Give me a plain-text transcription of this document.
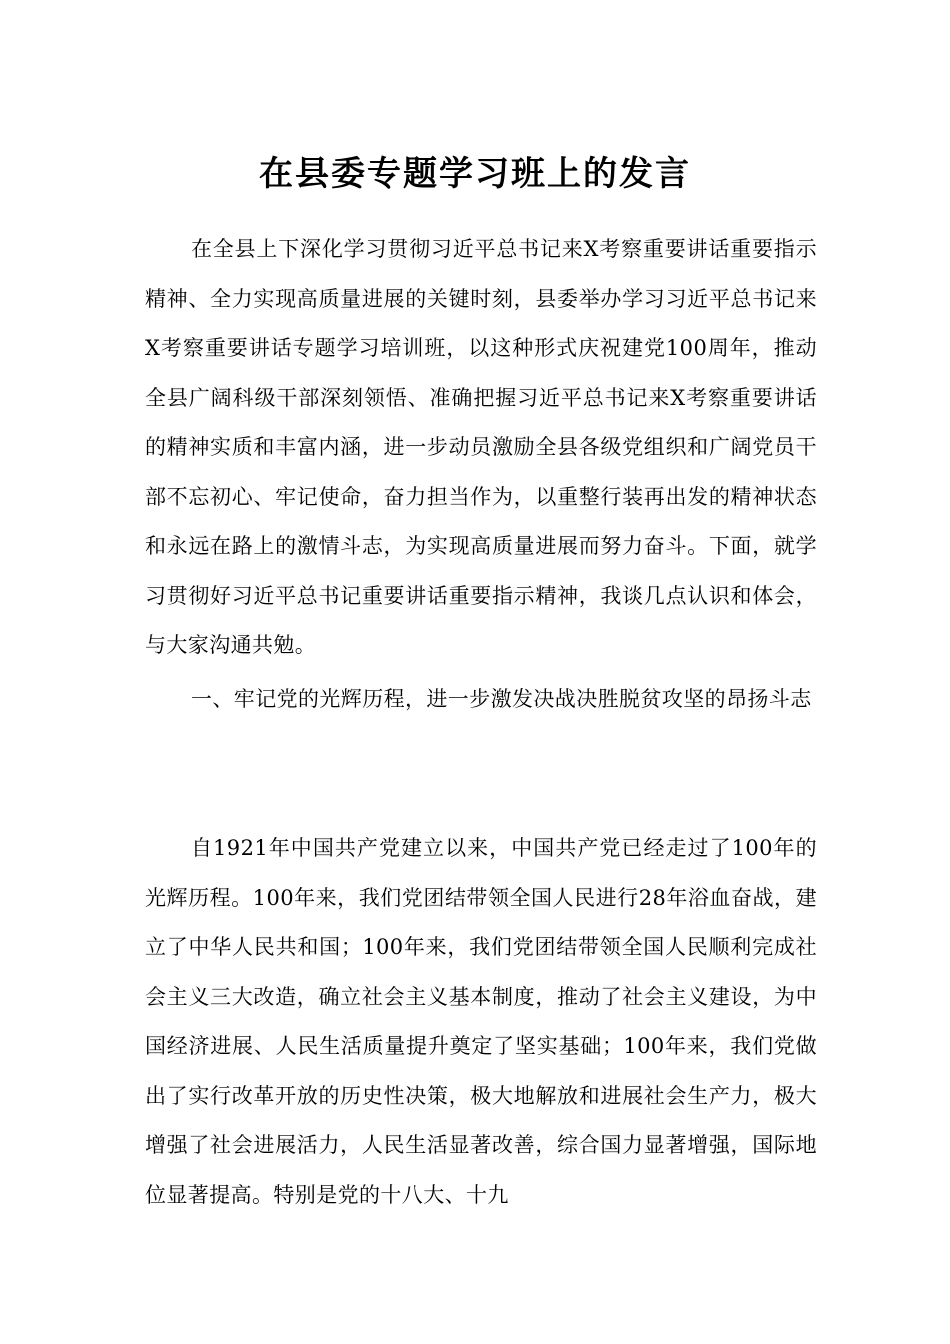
在县委专题学习班上的发言

在全县上下深化学习贯彻习近平总书记来X考察重要讲话重要指示精神、全力实现高质量进展的关键时刻，县委举办学习习近平总书记来X考察重要讲话专题学习培训班，以这种形式庆祝建党100周年，推动全县广阔科级干部深刻领悟、准确把握习近平总书记来X考察重要讲话的精神实质和丰富内涵，进一步动员激励全县各级党组织和广阔党员干部不忘初心、牢记使命，奋力担当作为，以重整行装再出发的精神状态和永远在路上的激情斗志，为实现高质量进展而努力奋斗。下面，就学习贯彻好习近平总书记重要讲话重要指示精神，我谈几点认识和体会，与大家沟通共勉。

一、牢记党的光辉历程，进一步激发决战决胜脱贫攻坚的昂扬斗志

自1921年中国共产党建立以来，中国共产党已经走过了100年的光辉历程。100年来，我们党团结带领全国人民进行28年浴血奋战，建立了中华人民共和国；100年来，我们党团结带领全国人民顺利完成社会主义三大改造，确立社会主义基本制度，推动了社会主义建设，为中国经济进展、人民生活质量提升奠定了坚实基础；100年来，我们党做出了实行改革开放的历史性决策，极大地解放和进展社会生产力，极大增强了社会进展活力，人民生活显著改善，综合国力显著增强，国际地位显著提高。特别是党的十八大、十九
